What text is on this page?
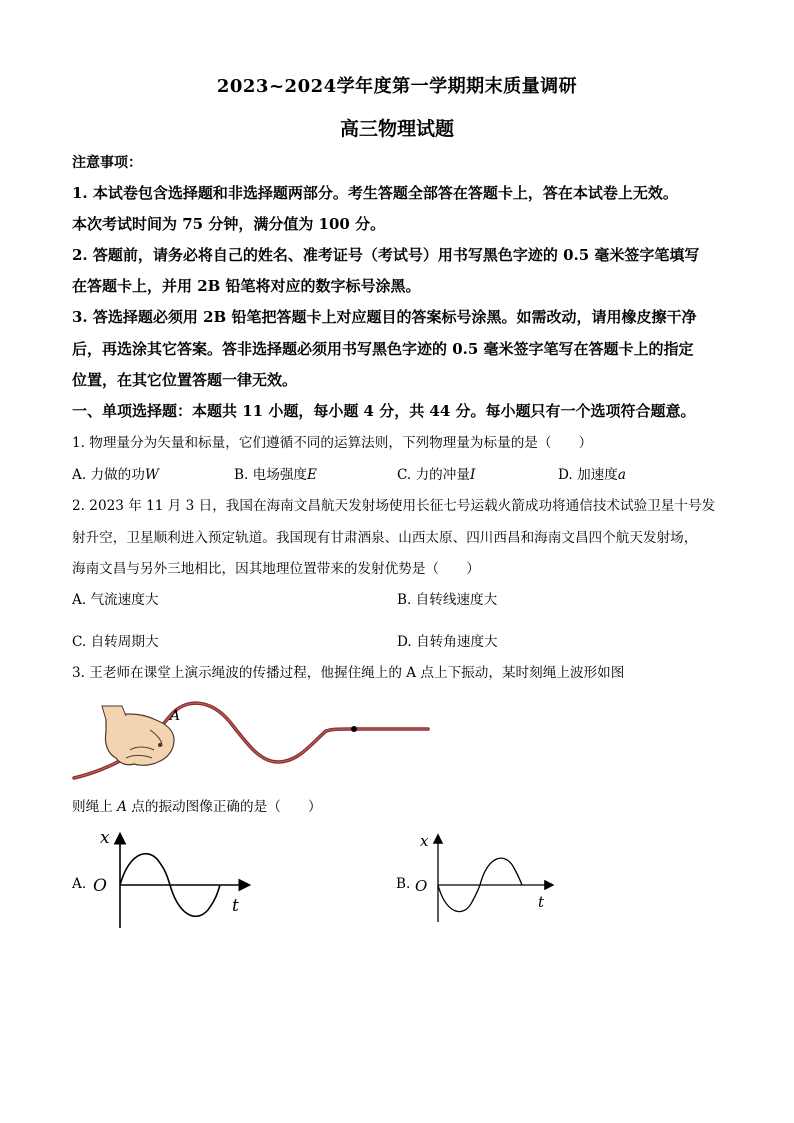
2023~2024学年度第一学期期末质量调研
高三物理试题
注意事项：
1. 本试卷包含选择题和非选择题两部分。考生答题全部答在答题卡上，答在本试卷上无效。
本次考试时间为 75 分钟，满分值为 100 分。
2. 答题前，请务必将自己的姓名、准考证号（考试号）用书写黑色字迹的 0.5 毫米签字笔填写
在答题卡上，并用 2B 铅笔将对应的数字标号涂黑。
3. 答选择题必须用 2B 铅笔把答题卡上对应题目的答案标号涂黑。如需改动，请用橡皮擦干净
后，再选涂其它答案。答非选择题必须用书写黑色字迹的 0.5 毫米签字笔写在答题卡上的指定
位置，在其它位置答题一律无效。
一、单项选择题：本题共 11 小题，每小题 4 分，共 44 分。每小题只有一个选项符合题意。
1. 物理量分为矢量和标量，它们遵循不同的运算法则，下列物理量为标量的是（　　）
A. 力做的功W	B. 电场强度E	C. 力的冲量I	D. 加速度a
2. 2023 年 11 月 3 日，我国在海南文昌航天发射场使用长征七号运载火箭成功将通信技术试验卫星十号发
射升空，卫星顺利进入预定轨道。我国现有甘肃酒泉、山西太原、四川西昌和海南文昌四个航天发射场，
海南文昌与另外三地相比，因其地理位置带来的发射优势是（　　）
A. 气流速度大	B. 自转线速度大
C. 自转周期大	D. 自转角速度大
3. 王老师在课堂上演示绳波的传播过程，他握住绳上的 A 点上下振动，某时刻绳上波形如图
A
则绳上 A 点的振动图像正确的是（　　）
A.
x
O
t
B.
x
O
t
